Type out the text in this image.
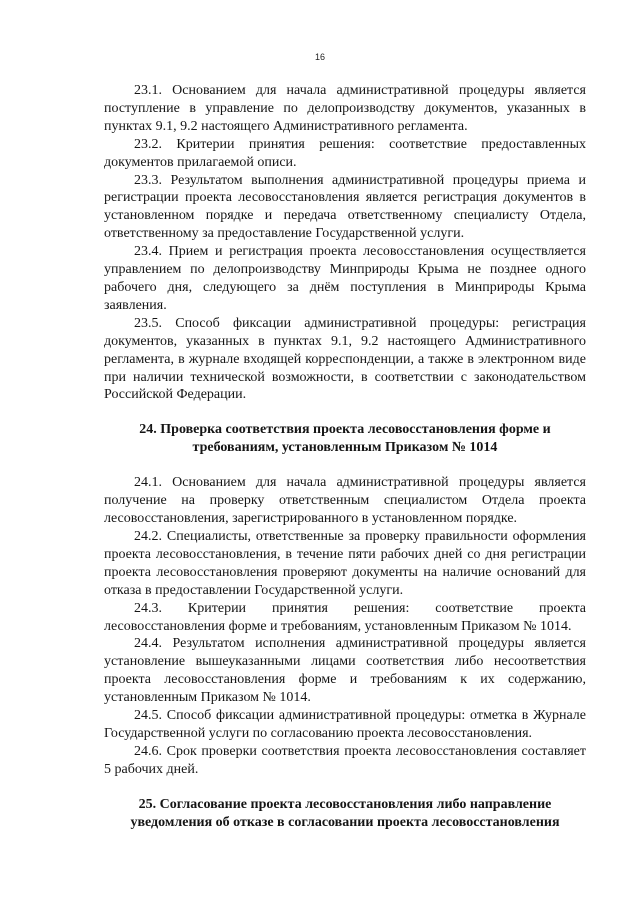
16

23.1. Основанием для начала административной процедуры является поступление в управление по делопроизводству документов, указанных в пунктах 9.1, 9.2 настоящего Административного регламента.

23.2. Критерии принятия решения: соответствие предоставленных документов прилагаемой описи.

23.3. Результатом выполнения административной процедуры приема и регистрации проекта лесовосстановления является регистрация документов в установленном порядке и передача ответственному специалисту Отдела, ответственному за предоставление Государственной услуги.

23.4. Прием и регистрация проекта лесовосстановления осуществляется управлением по делопроизводству Минприроды Крыма не позднее одного рабочего дня, следующего за днём поступления в Минприроды Крыма заявления.

23.5. Способ фиксации административной процедуры: регистрация документов, указанных в пунктах 9.1, 9.2 настоящего Административного регламента, в журнале входящей корреспонденции, а также в электронном виде при наличии технической возможности, в соответствии с законодательством Российской Федерации.

24. Проверка соответствия проекта лесовосстановления форме и требованиям, установленным Приказом № 1014

24.1. Основанием для начала административной процедуры является получение на проверку ответственным специалистом Отдела проекта лесовосстановления, зарегистрированного в установленном порядке.

24.2. Специалисты, ответственные за проверку правильности оформления проекта лесовосстановления, в течение пяти рабочих дней со дня регистрации проекта лесовосстановления проверяют документы на наличие оснований для отказа в предоставлении Государственной услуги.

24.3. Критерии принятия решения: соответствие проекта лесовосстановления форме и требованиям, установленным Приказом № 1014.

24.4. Результатом исполнения административной процедуры является установление вышеуказанными лицами соответствия либо несоответствия проекта лесовосстановления форме и требованиям к их содержанию, установленным Приказом № 1014.

24.5. Способ фиксации административной процедуры: отметка в Журнале Государственной услуги по согласованию проекта лесовосстановления.

24.6. Срок проверки соответствия проекта лесовосстановления составляет 5 рабочих дней.

25. Согласование проекта лесовосстановления либо направление уведомления об отказе в согласовании проекта лесовосстановления
